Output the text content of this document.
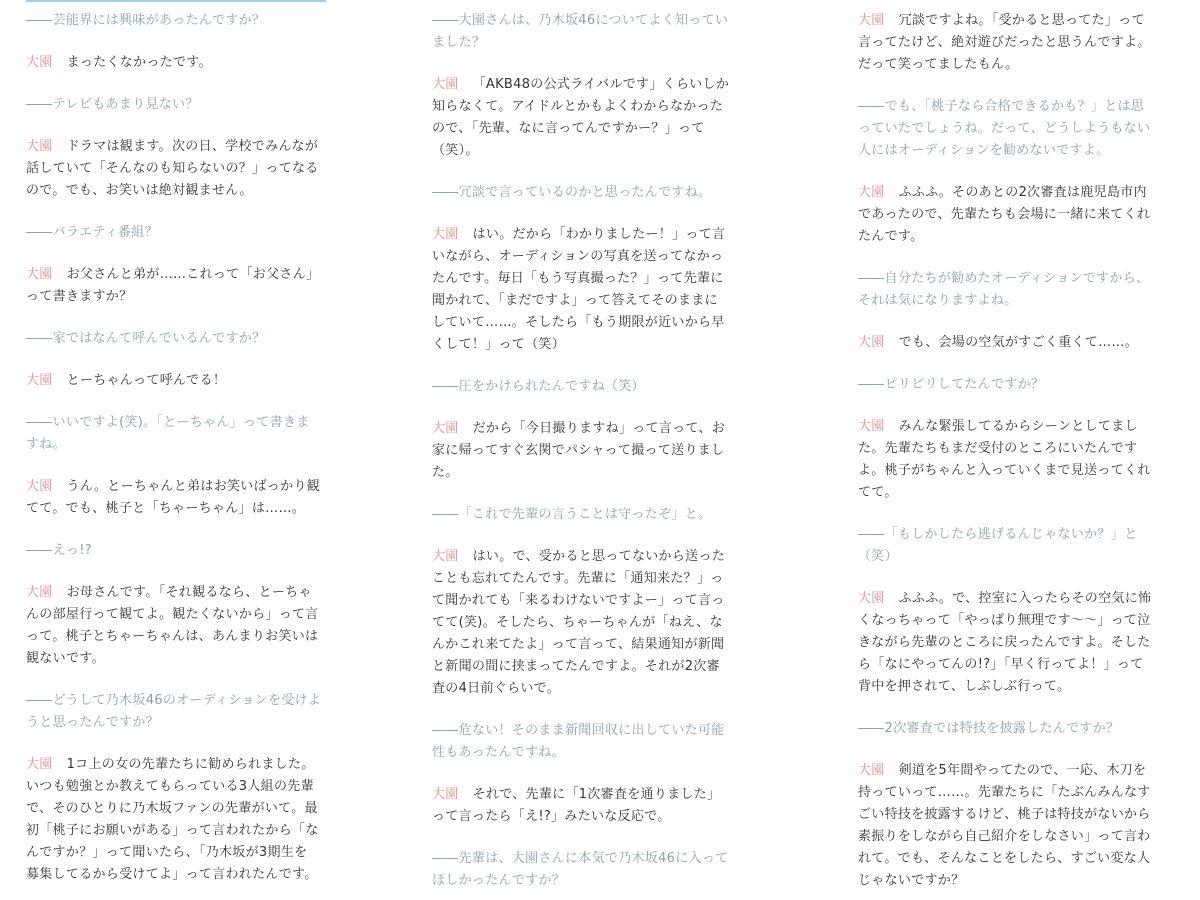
――芸能界には興味があったんですか？
大園 まったくなかったです。
――テレビもあまり見ない？
大園 ドラマは観ます。次の日、学校でみんなが
話していて「そんなのも知らないの？」ってなる
ので。でも、お笑いは絶対観ません。
――バラエティ番組？
大園 お父さんと弟が……これって「お父さん」
って書きますか？
――家ではなんて呼んでいるんですか？
大園 とーちゃんって呼んでる！
――いいですよ(笑)。「とーちゃん」って書きま
すね。
大園 うん。とーちゃんと弟はお笑いばっかり観
てて。でも、桃子と「ちゃーちゃん」は……。
――えっ!?
大園 お母さんです。「それ観るなら、とーちゃ
んの部屋行って観てよ。観たくないから」って言
って。桃子とちゃーちゃんは、あんまりお笑いは
観ないです。
――どうして乃木坂46のオーディションを受けよ
うと思ったんですか？
大園 1コ上の女の先輩たちに勧められました。
いつも勉強とか教えてもらっている3人組の先輩
で、そのひとりに乃木坂ファンの先輩がいて。最
初「桃子にお願いがある」って言われたから「な
んですか？」って聞いたら、「乃木坂が3期生を
募集してるから受けてよ」って言われたんです。
――大園さんは、乃木坂46についてよく知ってい
ました？
大園 「AKB48の公式ライバルです」くらいしか
知らなくて。アイドルとかもよくわからなかった
ので、「先輩、なに言ってんですかー？」って
（笑）。
――冗談で言っているのかと思ったんですね。
大園 はい。だから「わかりましたー！」って言
いながら、オーディションの写真を送ってなかっ
たんです。毎日「もう写真撮った？」って先輩に
聞かれて、「まだですよ」って答えてそのままに
していて……。そしたら「もう期限が近いから早
くして！」って（笑）
――圧をかけられたんですね（笑）
大園 だから「今日撮りますね」って言って、お
家に帰ってすぐ玄関でパシャって撮って送りまし
た。
――「これで先輩の言うことは守ったぞ」と。
大園 はい。で、受かると思ってないから送った
ことも忘れてたんです。先輩に「通知来た？」っ
て聞かれても「来るわけないですよー」って言っ
てて(笑)。そしたら、ちゃーちゃんが「ねえ、な
んかこれ来てたよ」って言って、結果通知が新聞
と新聞の間に挟まってたんですよ。それが2次審
査の4日前ぐらいで。
――危ない！そのまま新聞回収に出していた可能
性もあったんですね。
大園 それで、先輩に「1次審査を通りました」
って言ったら「え!?」みたいな反応で。
――先輩は、大園さんに本気で乃木坂46に入って
ほしかったんですか？
大園 冗談ですよね。「受かると思ってた」って
言ってたけど、絶対遊びだったと思うんですよ。
だって笑ってましたもん。
――でも、「桃子なら合格できるかも？」とは思
っていたでしょうね。だって、どうしようもない
人にはオーディションを勧めないですよ。
大園 ふふふ。そのあとの2次審査は鹿児島市内
であったので、先輩たちも会場に一緒に来てくれ
たんです。
――自分たちが勧めたオーディションですから、
それは気になりますよね。
大園 でも、会場の空気がすごく重くて……。
――ピリピリしてたんですか？
大園 みんな緊張してるからシーンとしてまし
た。先輩たちもまだ受付のところにいたんです
よ。桃子がちゃんと入っていくまで見送ってくれ
てて。
――「もしかしたら逃げるんじゃないか？」と
（笑）
大園 ふふふ。で、控室に入ったらその空気に怖
くなっちゃって「やっぱり無理です〜〜」って泣
きながら先輩のところに戻ったんですよ。そした
ら「なにやってんの!?」「早く行ってよ！」って
背中を押されて、しぶしぶ行って。
――2次審査では特技を披露したんですか？
大園 剣道を5年間やってたので、一応、木刀を
持っていって……。先輩たちに「たぶんみんなす
ごい特技を披露するけど、桃子は特技がないから
素振りをしながら自己紹介をしなさい」って言わ
れて。でも、そんなことをしたら、すごい変な人
じゃないですか？
